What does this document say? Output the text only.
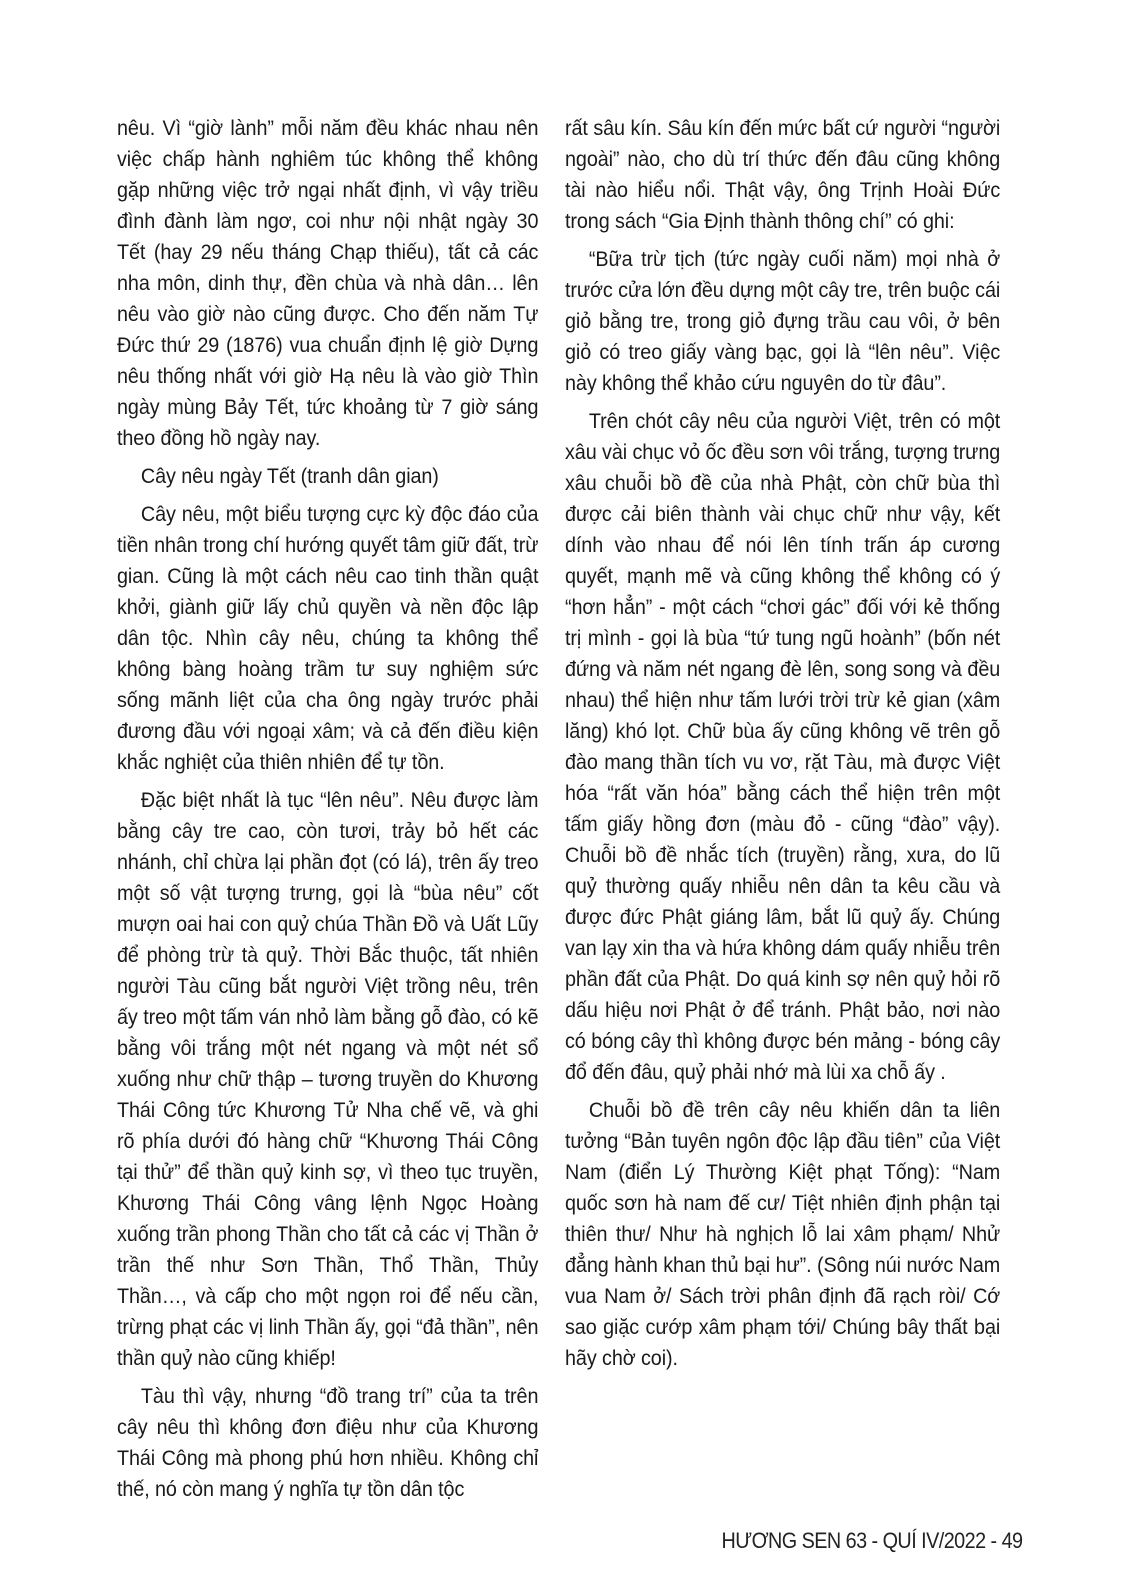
nêu. Vì “giờ lành” mỗi năm đều khác nhau nên việc chấp hành nghiêm túc không thể không gặp những việc trở ngại nhất định, vì vậy triều đình đành làm ngơ, coi như nội nhật ngày 30 Tết (hay 29 nếu tháng Chạp thiếu), tất cả các nha môn, dinh thự, đền chùa và nhà dân… lên nêu vào giờ nào cũng được. Cho đến năm Tự Đức thứ 29 (1876) vua chuẩn định lệ giờ Dựng nêu thống nhất với giờ Hạ nêu là vào giờ Thìn ngày mùng Bảy Tết, tức khoảng từ 7 giờ sáng theo đồng hồ ngày nay.

Cây nêu ngày Tết (tranh dân gian)

Cây nêu, một biểu tượng cực kỳ độc đáo của tiền nhân trong chí hướng quyết tâm giữ đất, trừ gian. Cũng là một cách nêu cao tinh thần quật khởi, giành giữ lấy chủ quyền và nền độc lập dân tộc. Nhìn cây nêu, chúng ta không thể không bàng hoàng trầm tư suy nghiệm sức sống mãnh liệt của cha ông ngày trước phải đương đầu với ngoại xâm; và cả đến điều kiện khắc nghiệt của thiên nhiên để tự tồn.

Đặc biệt nhất là tục “lên nêu”. Nêu được làm bằng cây tre cao, còn tươi, trảy bỏ hết các nhánh, chỉ chừa lại phần đọt (có lá), trên ấy treo một số vật tượng trưng, gọi là “bùa nêu” cốt mượn oai hai con quỷ chúa Thần Đồ và Uất Lũy để phòng trừ tà quỷ. Thời Bắc thuộc, tất nhiên người Tàu cũng bắt người Việt trồng nêu, trên ấy treo một tấm ván nhỏ làm bằng gỗ đào, có kẽ bằng vôi trắng một nét ngang và một nét sổ xuống như chữ thập – tương truyền do Khương Thái Công tức Khương Tử Nha chế vẽ, và ghi rõ phía dưới đó hàng chữ “Khương Thái Công tại thử” để thần quỷ kinh sợ, vì theo tục truyền, Khương Thái Công vâng lệnh Ngọc Hoàng xuống trần phong Thần cho tất cả các vị Thần ở trần thế như Sơn Thần, Thổ Thần, Thủy Thần…, và cấp cho một ngọn roi để nếu cần, trừng phạt các vị linh Thần ấy, gọi “đả thần”, nên thần quỷ nào cũng khiếp!

Tàu thì vậy, nhưng “đồ trang trí” của ta trên cây nêu thì không đơn điệu như của Khương Thái Công mà phong phú hơn nhiều. Không chỉ thế, nó còn mang ý nghĩa tự tồn dân tộc

rất sâu kín. Sâu kín đến mức bất cứ người “người ngoài” nào, cho dù trí thức đến đâu cũng không tài nào hiểu nổi. Thật vậy, ông Trịnh Hoài Đức trong sách “Gia Định thành thông chí” có ghi:

“Bữa trừ tịch (tức ngày cuối năm) mọi nhà ở trước cửa lớn đều dựng một cây tre, trên buộc cái giỏ bằng tre, trong giỏ đựng trầu cau vôi, ở bên giỏ có treo giấy vàng bạc, gọi là “lên nêu”. Việc này không thể khảo cứu nguyên do từ đâu”.

Trên chót cây nêu của người Việt, trên có một xâu vài chục vỏ ốc đều sơn vôi trắng, tượng trưng xâu chuỗi bồ đề của nhà Phật, còn chữ bùa thì được cải biên thành vài chục chữ như vậy, kết dính vào nhau để nói lên tính trấn áp cương quyết, mạnh mẽ và cũng không thể không có ý “hơn hẳn” - một cách “chơi gác” đối với kẻ thống trị mình - gọi là bùa “tứ tung ngũ hoành” (bốn nét đứng và năm nét ngang đè lên, song song và đều nhau) thể hiện như tấm lưới trời trừ kẻ gian (xâm lăng) khó lọt. Chữ bùa ấy cũng không vẽ trên gỗ đào mang thần tích vu vơ, rặt Tàu, mà được Việt hóa “rất văn hóa” bằng cách thể hiện trên một tấm giấy hồng đơn (màu đỏ - cũng “đào” vậy). Chuỗi bồ đề nhắc tích (truyền) rằng, xưa, do lũ quỷ thường quấy nhiễu nên dân ta kêu cầu và được đức Phật giáng lâm, bắt lũ quỷ ấy. Chúng van lạy xin tha và hứa không dám quấy nhiễu trên phần đất của Phật. Do quá kinh sợ nên quỷ hỏi rõ dấu hiệu nơi Phật ở để tránh. Phật bảo, nơi nào có bóng cây thì không được bén mảng - bóng cây đổ đến đâu, quỷ phải nhớ mà lùi xa chỗ ấy .

Chuỗi bồ đề trên cây nêu khiến dân ta liên tưởng “Bản tuyên ngôn độc lập đầu tiên” của Việt Nam (điển Lý Thường Kiệt phạt Tống): “Nam quốc sơn hà nam đế cư/ Tiệt nhiên định phận tại thiên thư/ Như hà nghịch lỗ lai xâm phạm/ Nhử đẳng hành khan thủ bại hư”. (Sông núi nước Nam vua Nam ở/ Sách trời phân định đã rạch ròi/ Cớ sao giặc cướp xâm phạm tới/ Chúng bây thất bại hãy chờ coi).

HƯƠNG SEN 63 - QUÍ IV/2022 - 49
